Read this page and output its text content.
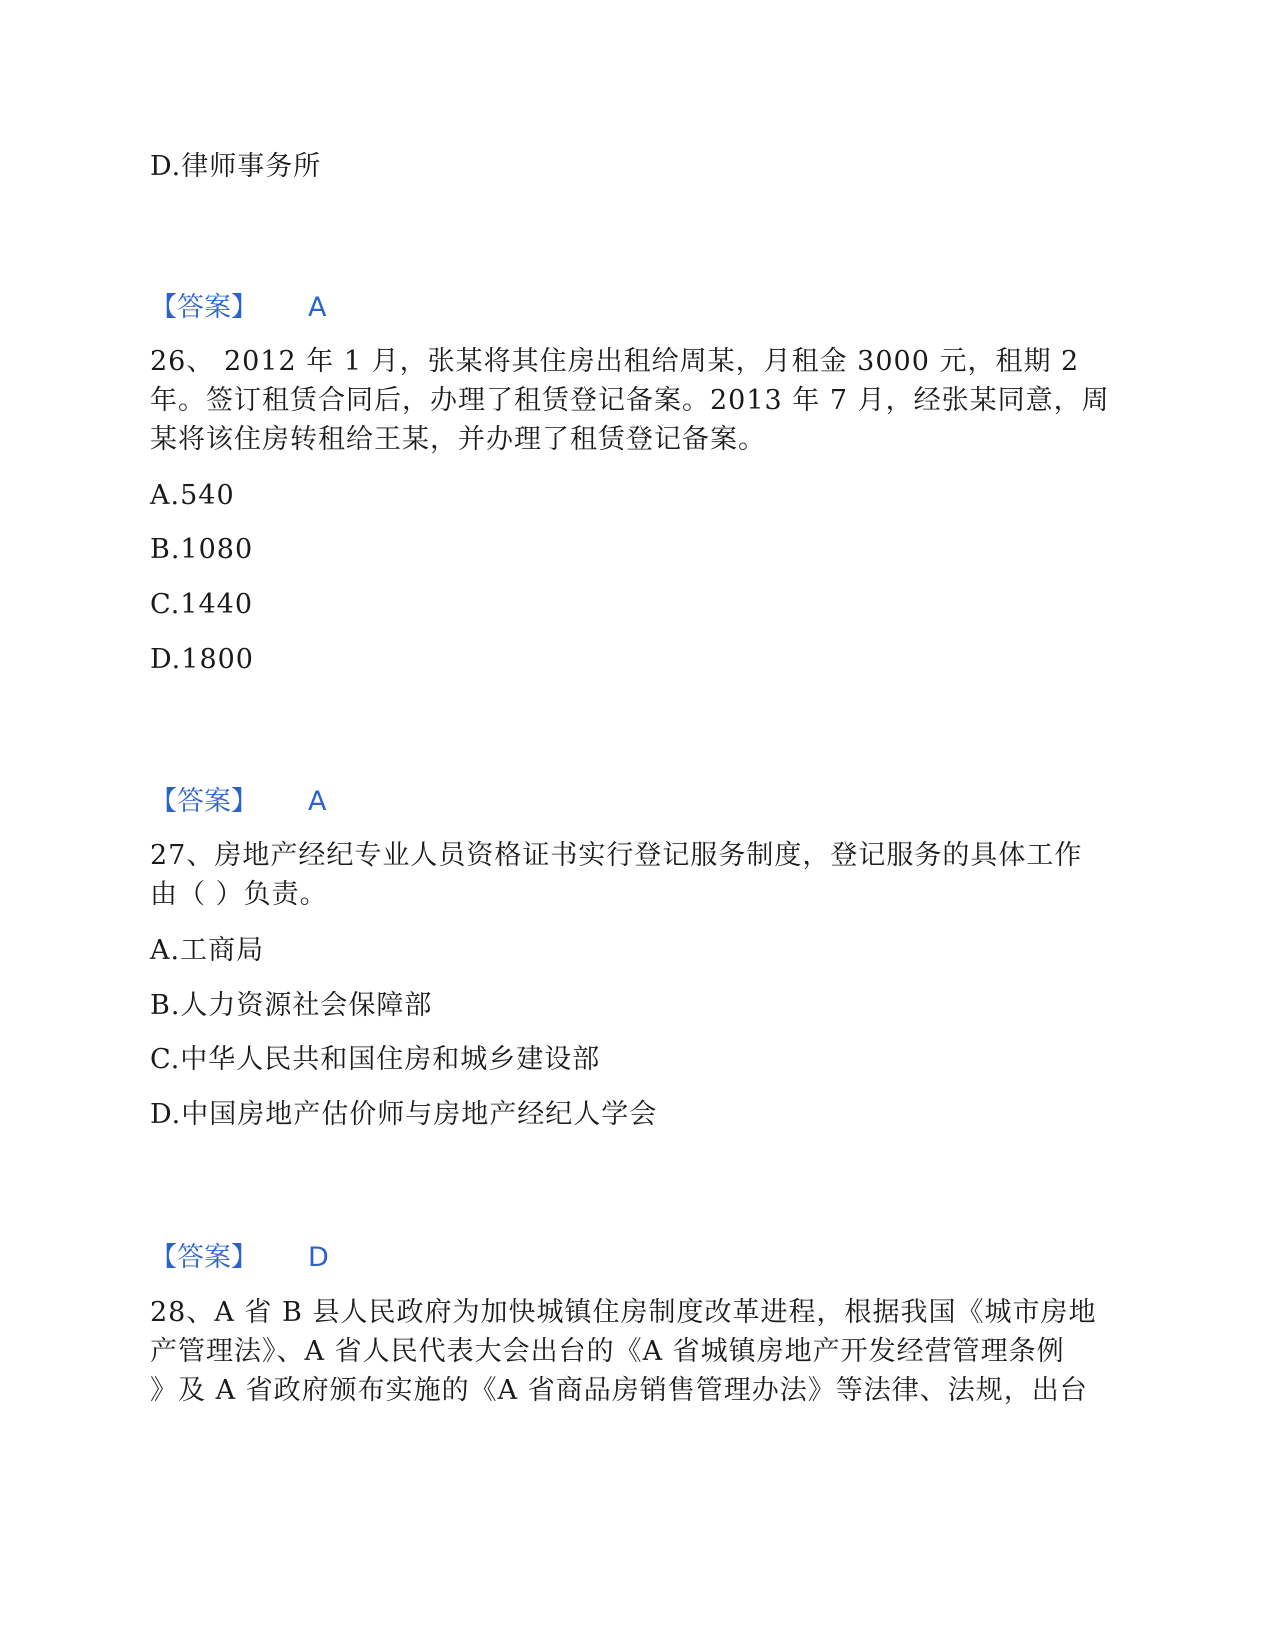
D.律师事务所
【答案】 A
26、 2012 年 1 月，张某将其住房出租给周某，月租金 3000 元，租期 2
年。签订租赁合同后，办理了租赁登记备案。2013 年 7 月，经张某同意，周
某将该住房转租给王某，并办理了租赁登记备案。
A.540
B.1080
C.1440
D.1800
【答案】 A
27、房地产经纪专业人员资格证书实行登记服务制度，登记服务的具体工作
由（ ）负责。
A.工商局
B.人力资源社会保障部
C.中华人民共和国住房和城乡建设部
D.中国房地产估价师与房地产经纪人学会
【答案】 D
28、A 省 B 县人民政府为加快城镇住房制度改革进程，根据我国《城市房地
产管理法》、A 省人民代表大会出台的《A 省城镇房地产开发经营管理条例
》及 A 省政府颁布实施的《A 省商品房销售管理办法》等法律、法规，出台
